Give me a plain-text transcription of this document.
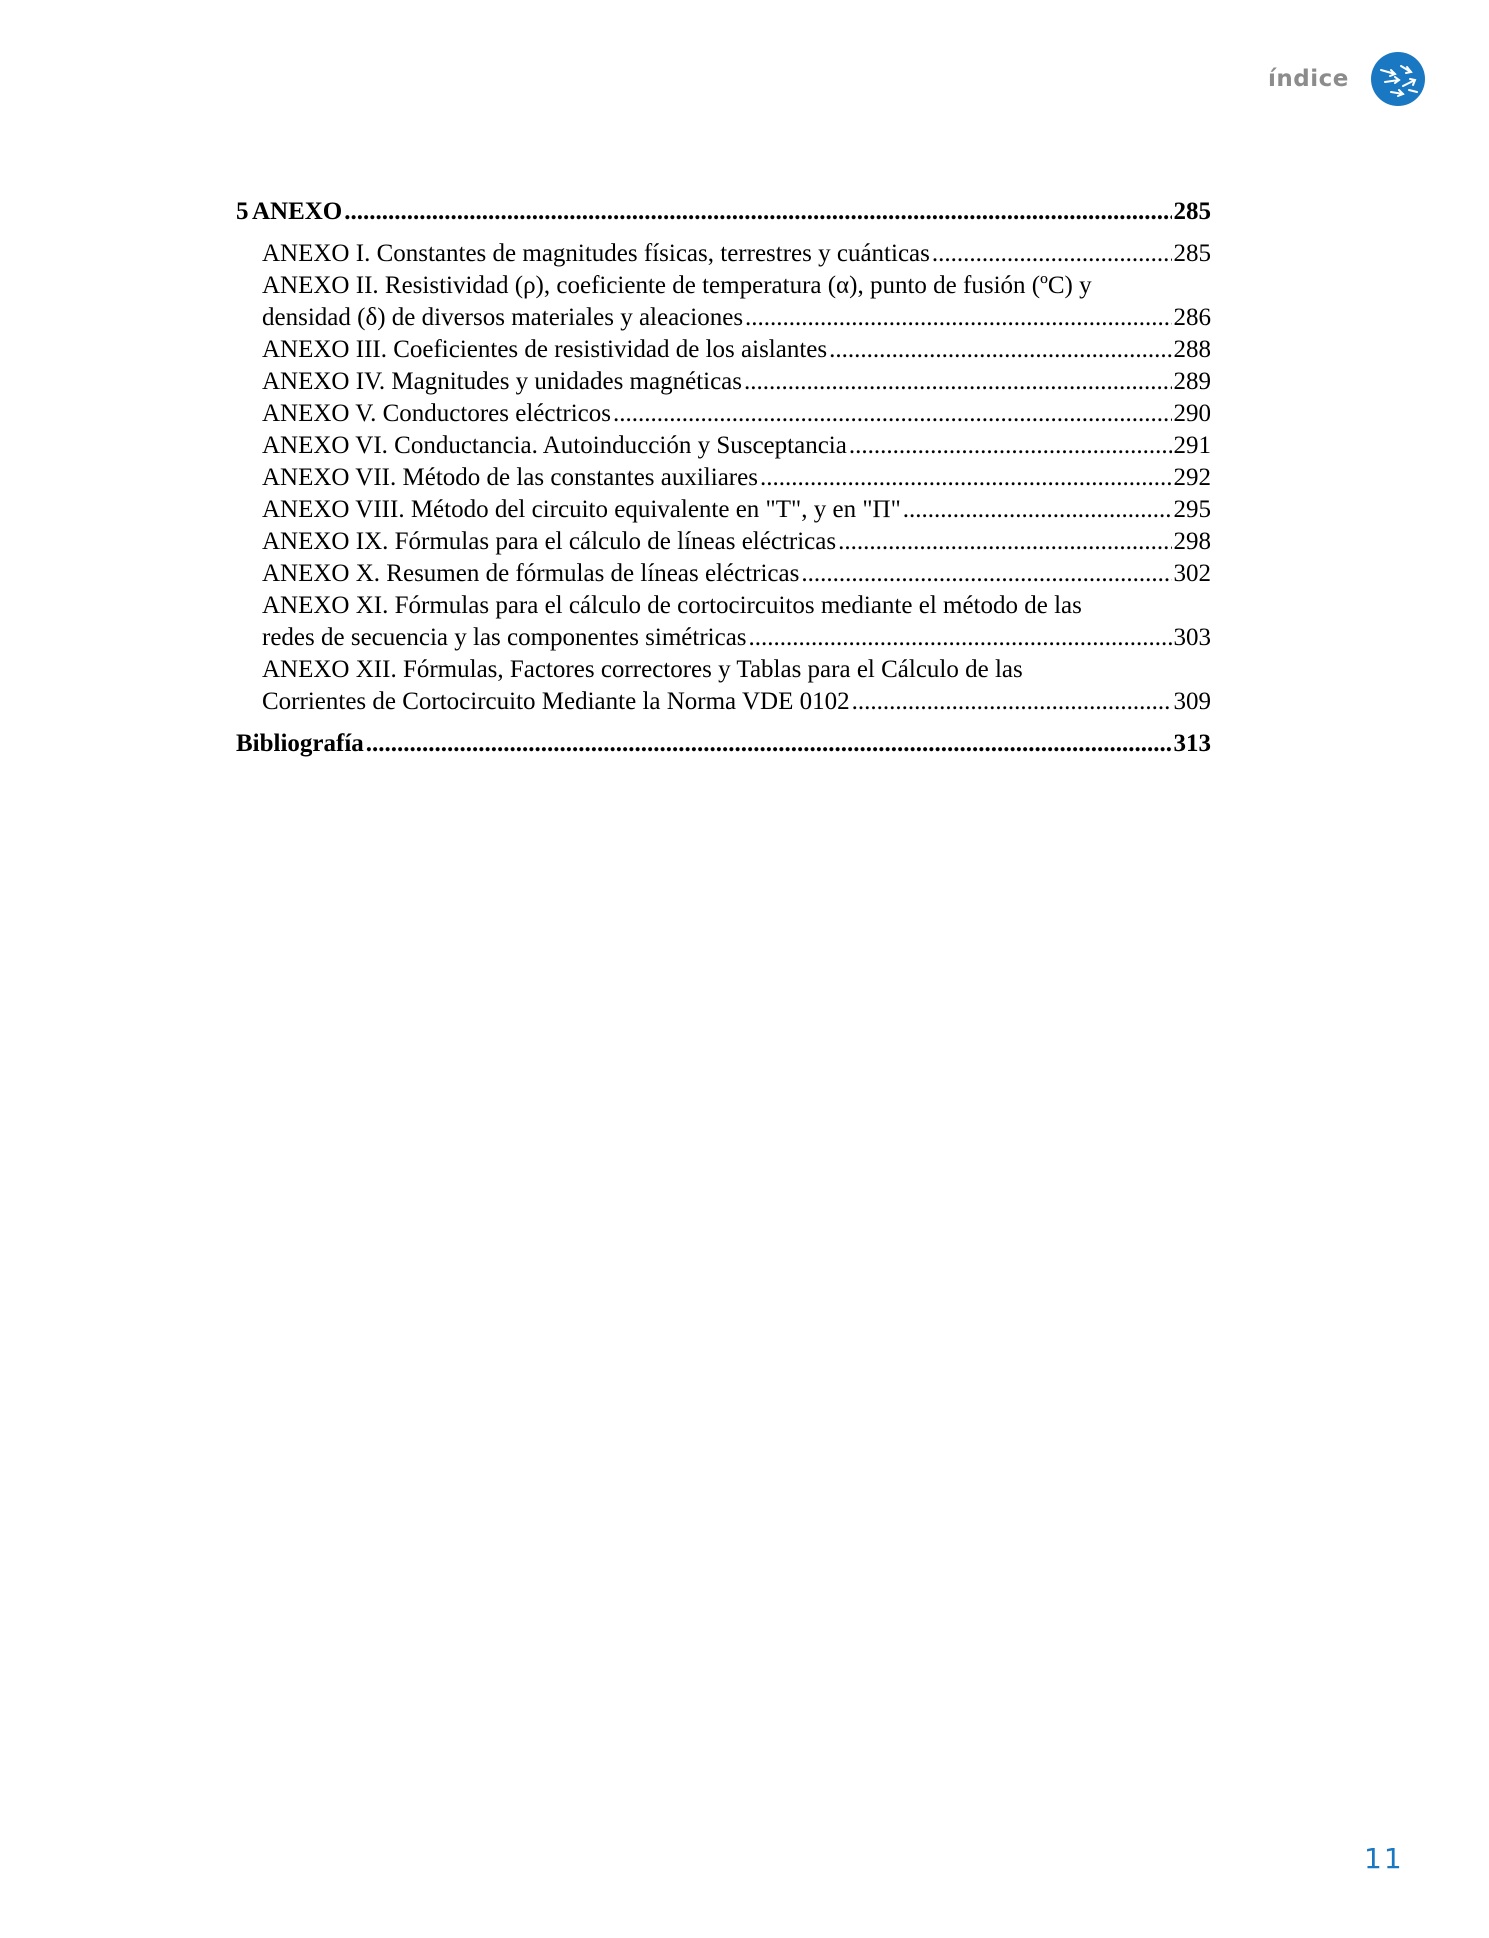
índice
5 ANEXO .....	285
ANEXO I. Constantes de magnitudes físicas, terrestres y cuánticas .....	285
ANEXO II. Resistividad (ρ), coeficiente de temperatura (α), punto de fusión (ºC) y
densidad (δ) de diversos materiales y aleaciones .....	286
ANEXO III. Coeficientes de resistividad de los aislantes .....	288
ANEXO IV. Magnitudes y unidades magnéticas .....	289
ANEXO V. Conductores eléctricos .....	290
ANEXO VI. Conductancia. Autoinducción y Susceptancia .....	291
ANEXO VII. Método de las constantes auxiliares .....	292
ANEXO VIII. Método del circuito equivalente en "T", y en "Π" .....	295
ANEXO IX. Fórmulas para el cálculo de líneas eléctricas .....	298
ANEXO X. Resumen de fórmulas de líneas eléctricas .....	302
ANEXO XI. Fórmulas para el cálculo de cortocircuitos mediante el método de las
redes de secuencia y las componentes simétricas .....	303
ANEXO XII. Fórmulas, Factores correctores y Tablas para el Cálculo de las
Corrientes de Cortocircuito Mediante la Norma VDE 0102 .....	309
Bibliografía .....	313
11
